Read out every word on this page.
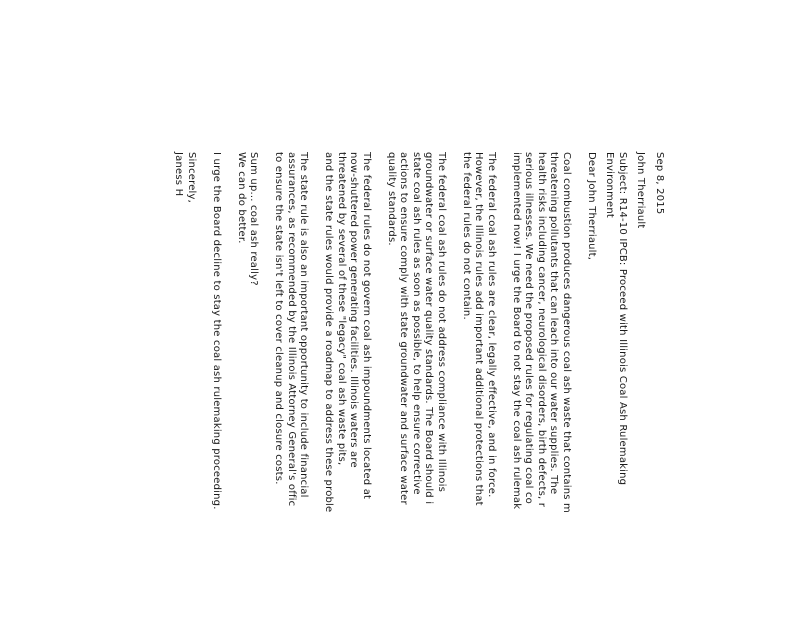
Sep 8, 2015
John Therriault
Subject: R14-10 IPCB: Proceed with Illinois Coal Ash Rulemaking
Environment
Dear John Therriault,
Coal combustion produces dangerous coal ash waste that contains m
threatening pollutants that can leach into our water supplies. The
health risks including cancer, neurological disorders, birth defects, r
serious illnesses. We need the proposed rules for regulating coal co
implemented now! I urge the Board to not stay the coal ash rulemak
The federal coal ash rules are clear, legally effective, and in force.
However, the Illinois rules add important additional protections that
the federal rules do not contain.
The federal coal ash rules do not address compliance with Illinois
groundwater or surface water quality standards. The Board should i
state coal ash rules as soon as possible, to help ensure corrective
actions to ensure comply with state groundwater and surface water
quality standards.
The federal rules do not govern coal ash impoundments located at
now-shuttered power generating facilities. Illinois waters are
threatened by several of these "legacy" coal ash waste pits,
and the state rules would provide a roadmap to address these proble
The state rule is also an important opportunity to include financial
assurances, as recommended by the Illinois Attorney General's offic
to ensure the state isn't left to cover cleanup and closure costs.
Sum up... coal ash really?
We can do better.
I urge the Board decline to stay the coal ash rulemaking proceeding.
Sincerely,
Janess H
